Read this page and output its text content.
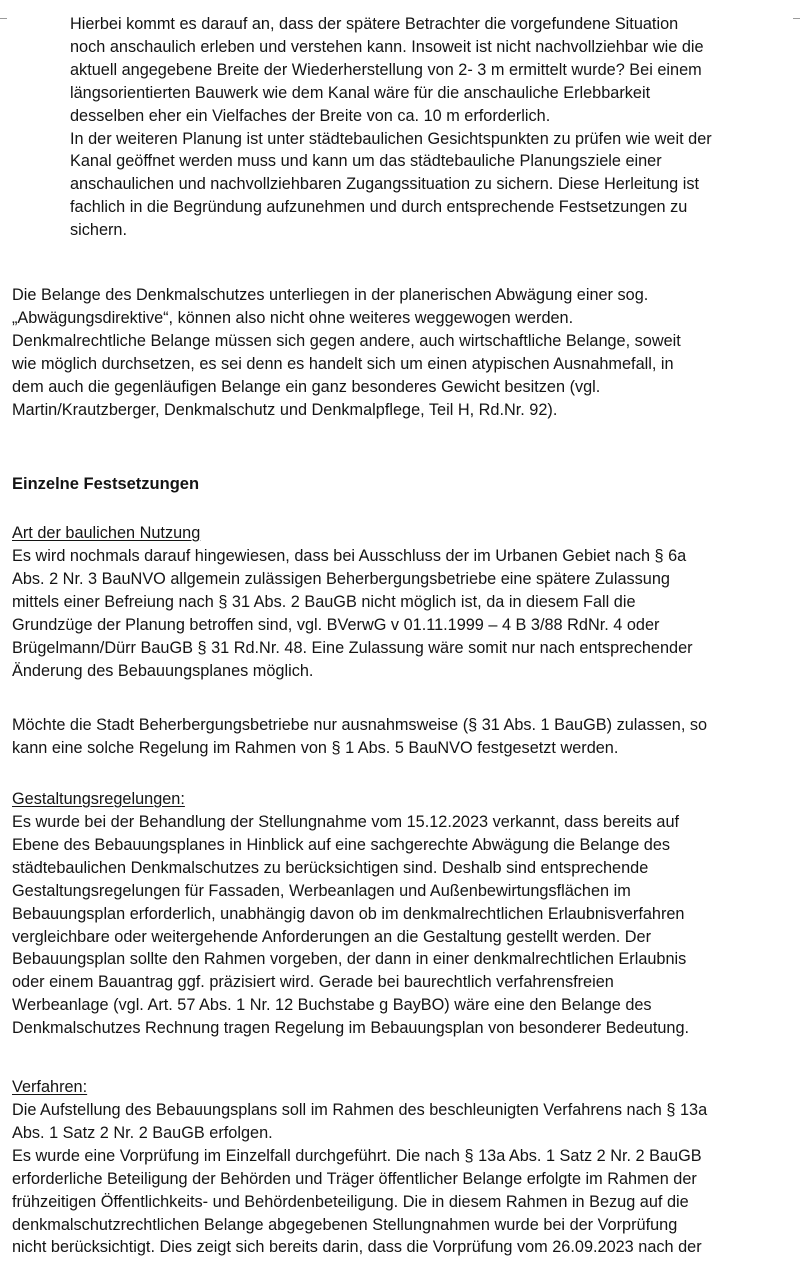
Hierbei kommt es darauf an, dass der spätere Betrachter die vorgefundene Situation
noch anschaulich erleben und verstehen kann. Insoweit ist nicht nachvollziehbar wie die
aktuell angegebene Breite der Wiederherstellung von 2- 3 m ermittelt wurde? Bei einem
längsorientierten Bauwerk wie dem Kanal wäre für die anschauliche Erlebbarkeit
desselben eher ein Vielfaches der Breite von ca. 10 m erforderlich.
In der weiteren Planung ist unter städtebaulichen Gesichtspunkten zu prüfen wie weit der
Kanal geöffnet werden muss und kann um das städtebauliche Planungsziele einer
anschaulichen und nachvollziehbaren Zugangssituation zu sichern. Diese Herleitung ist
fachlich in die Begründung aufzunehmen und durch entsprechende Festsetzungen zu
sichern.
Die Belange des Denkmalschutzes unterliegen in der planerischen Abwägung einer sog.
„Abwägungsdirektive“, können also nicht ohne weiteres weggewogen werden.
Denkmalrechtliche Belange müssen sich gegen andere, auch wirtschaftliche Belange, soweit
wie möglich durchsetzen, es sei denn es handelt sich um einen atypischen Ausnahmefall, in
dem auch die gegenläufigen Belange ein ganz besonderes Gewicht besitzen (vgl.
Martin/Krautzberger, Denkmalschutz und Denkmalpflege, Teil H, Rd.Nr. 92).
Einzelne Festsetzungen
Art der baulichen Nutzung
Es wird nochmals darauf hingewiesen, dass bei Ausschluss der im Urbanen Gebiet nach § 6a
Abs. 2 Nr. 3 BauNVO allgemein zulässigen Beherbergungsbetriebe eine spätere Zulassung
mittels einer Befreiung nach § 31 Abs. 2 BauGB nicht möglich ist, da in diesem Fall die
Grundzüge der Planung betroffen sind, vgl. BVerwG v 01.11.1999 – 4 B 3/88 RdNr. 4 oder
Brügelmann/Dürr BauGB § 31 Rd.Nr. 48. Eine Zulassung wäre somit nur nach entsprechender
Änderung des Bebauungsplanes möglich.
Möchte die Stadt Beherbergungsbetriebe nur ausnahmsweise (§ 31 Abs. 1 BauGB) zulassen, so
kann eine solche Regelung im Rahmen von § 1 Abs. 5 BauNVO festgesetzt werden.
Gestaltungsregelungen:
Es wurde bei der Behandlung der Stellungnahme vom 15.12.2023 verkannt, dass bereits auf
Ebene des Bebauungsplanes in Hinblick auf eine sachgerechte Abwägung die Belange des
städtebaulichen Denkmalschutzes zu berücksichtigen sind. Deshalb sind entsprechende
Gestaltungsregelungen für Fassaden, Werbeanlagen und Außenbewirtungsflächen im
Bebauungsplan erforderlich, unabhängig davon ob im denkmalrechtlichen Erlaubnisverfahren
vergleichbare oder weitergehende Anforderungen an die Gestaltung gestellt werden. Der
Bebauungsplan sollte den Rahmen vorgeben, der dann in einer denkmalrechtlichen Erlaubnis
oder einem Bauantrag ggf. präzisiert wird. Gerade bei baurechtlich verfahrensfreien
Werbeanlage (vgl. Art. 57 Abs. 1 Nr. 12 Buchstabe g BayBO) wäre eine den Belange des
Denkmalschutzes Rechnung tragen Regelung im Bebauungsplan von besonderer Bedeutung.
Verfahren:
Die Aufstellung des Bebauungsplans soll im Rahmen des beschleunigten Verfahrens nach § 13a
Abs. 1 Satz 2 Nr. 2 BauGB erfolgen.
Es wurde eine Vorprüfung im Einzelfall durchgeführt. Die nach § 13a Abs. 1 Satz 2 Nr. 2 BauGB
erforderliche Beteiligung der Behörden und Träger öffentlicher Belange erfolgte im Rahmen der
frühzeitigen Öffentlichkeits- und Behördenbeteiligung. Die in diesem Rahmen in Bezug auf die
denkmalschutzrechtlichen Belange abgegebenen Stellungnahmen wurde bei der Vorprüfung
nicht berücksichtigt. Dies zeigt sich bereits darin, dass die Vorprüfung vom 26.09.2023 nach der
